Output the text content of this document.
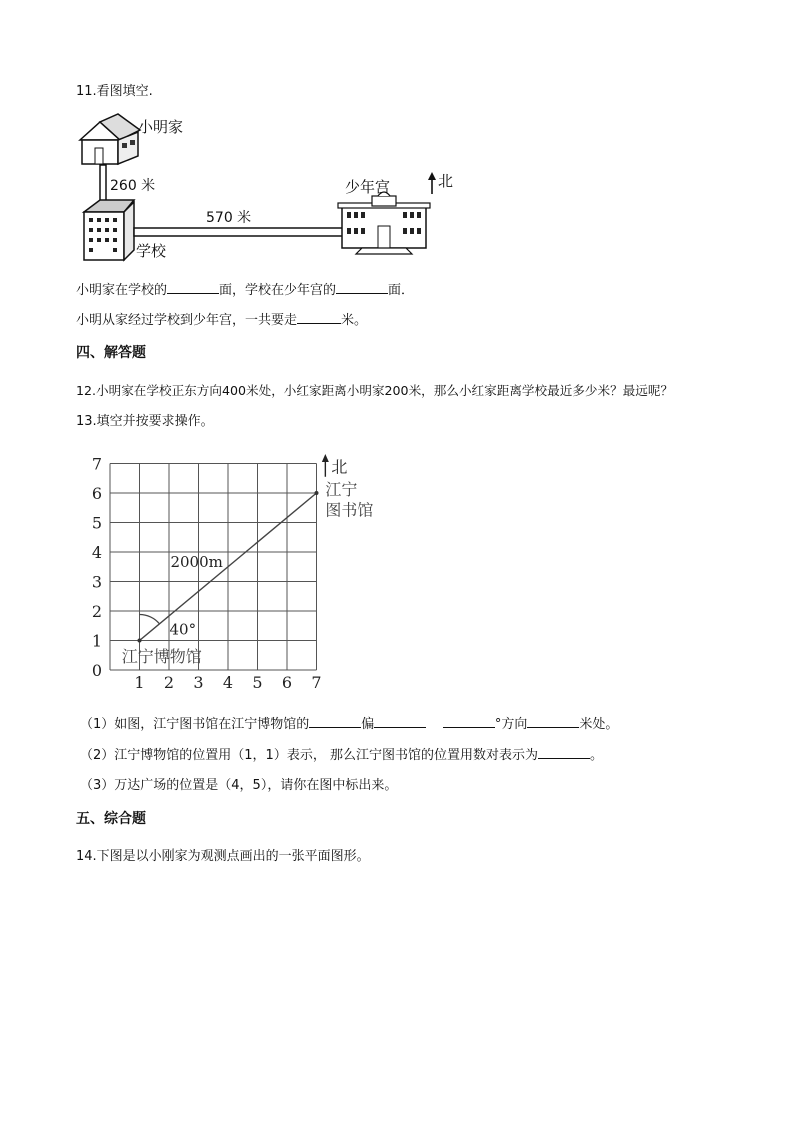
11.看图填空.
小明家
260 米
570 米
少年宫	北
学校
小明家在学校的	面，学校在少年宫的	面．
小明从家经过学校到少年宫，一共要走	米。
四、解答题
12.小明家在学校正东方向400米处，小红家距离小明家200米，那么小红家距离学校最近多少米？最远呢？
13.填空并按要求操作。
1 2 3 4 5 6 7
0
1
2
3
4
5
6
7
40°
2000m
江宁博物馆
江宁
图书馆
北
（1）如图，江宁图书馆在江宁博物馆的	偏	°方向	米处。
（2）江宁博物馆的位置用（1，1）表示， 那么江宁图书馆的位置用数对表示为	。
（3）万达广场的位置是（4，5），请你在图中标出来。
五、综合题
14.下图是以小刚家为观测点画出的一张平面图形。
